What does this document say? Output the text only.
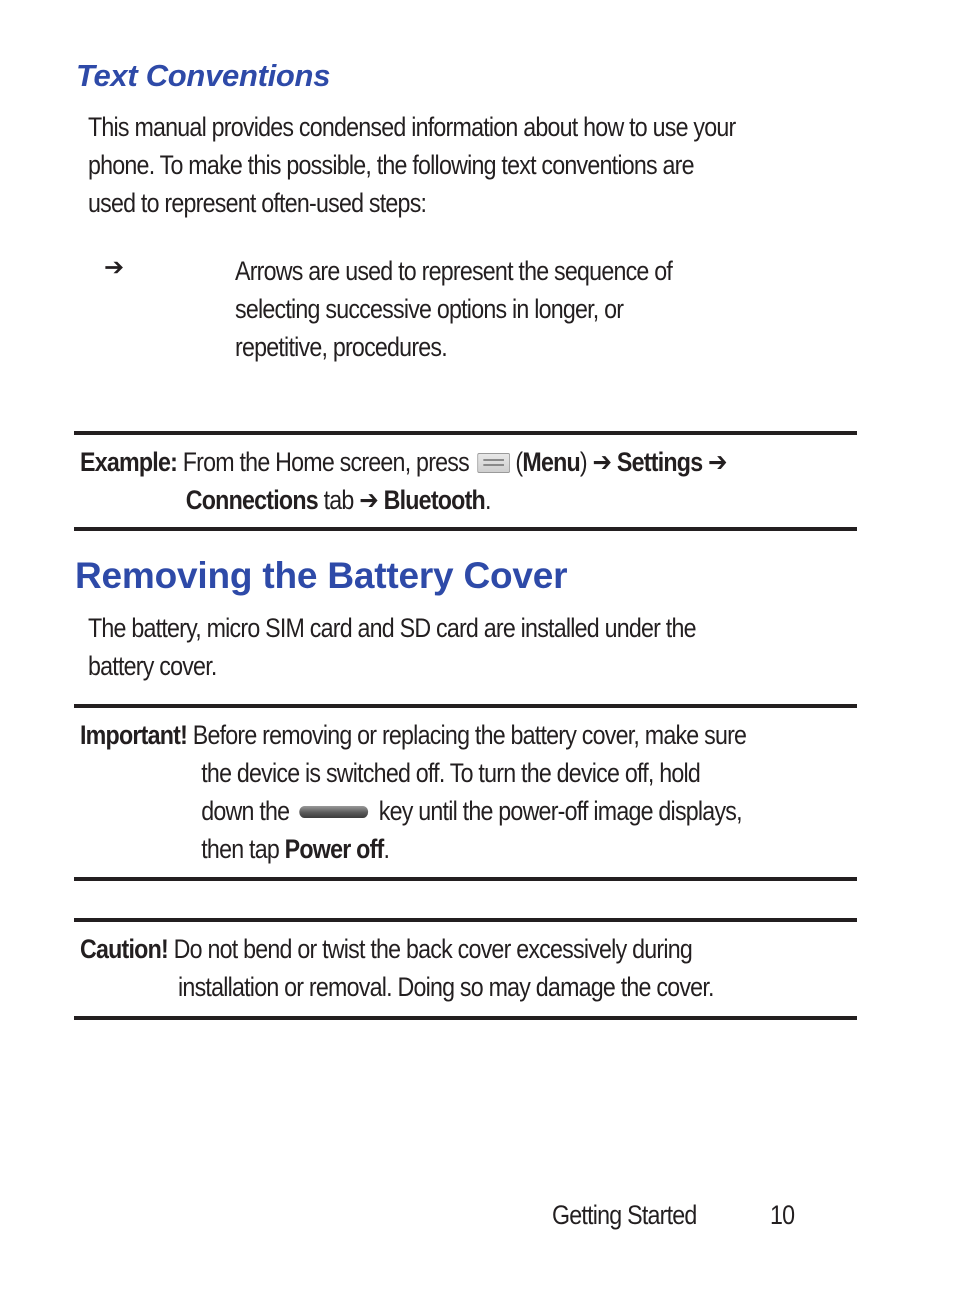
Text Conventions
This manual provides condensed information about how to use your
phone. To make this possible, the following text conventions are
used to represent often-used steps:
➔	Arrows are used to represent the sequence of
selecting successive options in longer, or
repetitive, procedures.
Example: From the Home screen, press (Menu) ➔ Settings ➔
Connections tab ➔ Bluetooth.
Removing the Battery Cover
The battery, micro SIM card and SD card are installed under the
battery cover.
Important! Before removing or replacing the battery cover, make sure
the device is switched off. To turn the device off, hold
down the	key until the power-off image displays,
then tap Power off.
Caution! Do not bend or twist the back cover excessively during
installation or removal. Doing so may damage the cover.
Getting Started	10
